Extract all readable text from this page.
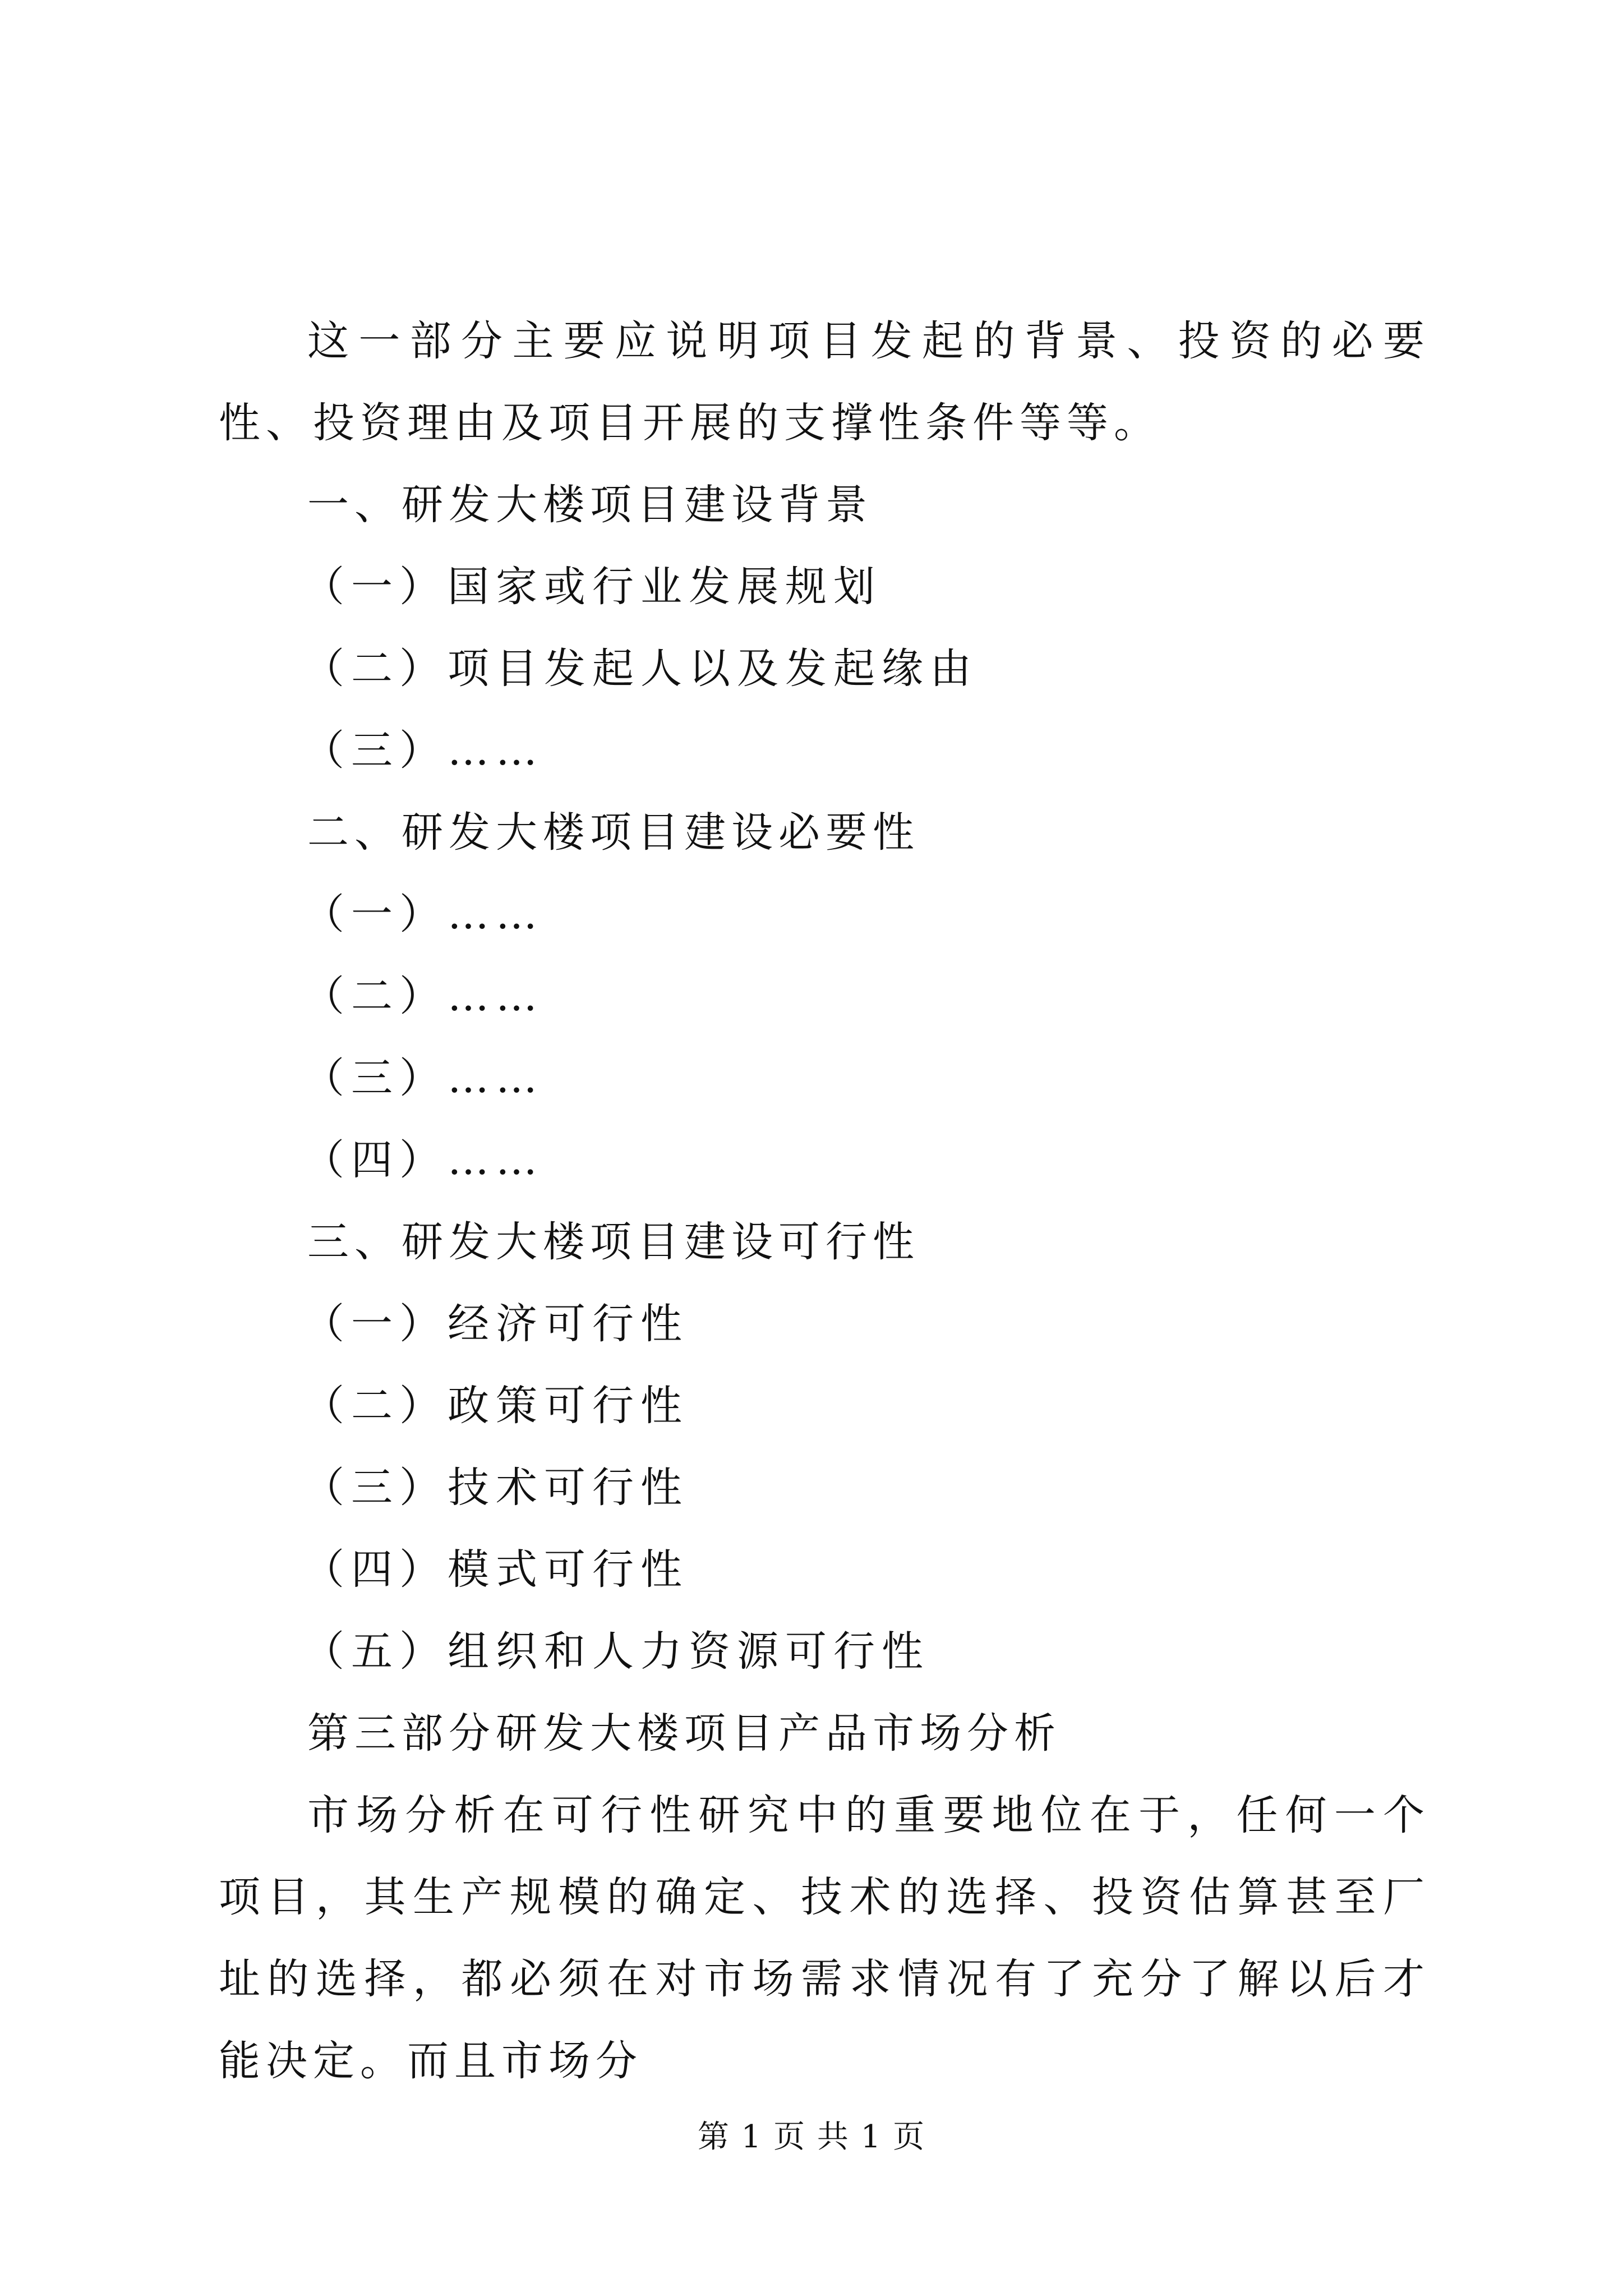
这一部分主要应说明项目发起的背景、投资的必要性、投资理由及项目开展的支撑性条件等等。

一、研发大楼项目建设背景
（一）国家或行业发展规划
（二）项目发起人以及发起缘由
（三）……
二、研发大楼项目建设必要性
（一）……
（二）……
（三）……
（四）……
三、研发大楼项目建设可行性
（一）经济可行性
（二）政策可行性
（三）技术可行性
（四）模式可行性
（五）组织和人力资源可行性
第三部分研发大楼项目产品市场分析

市场分析在可行性研究中的重要地位在于，任何一个项目，其生产规模的确定、技术的选择、投资估算甚至厂址的选择，都必须在对市场需求情况有了充分了解以后才能决定。而且市场分

第 1 页 共 1 页
